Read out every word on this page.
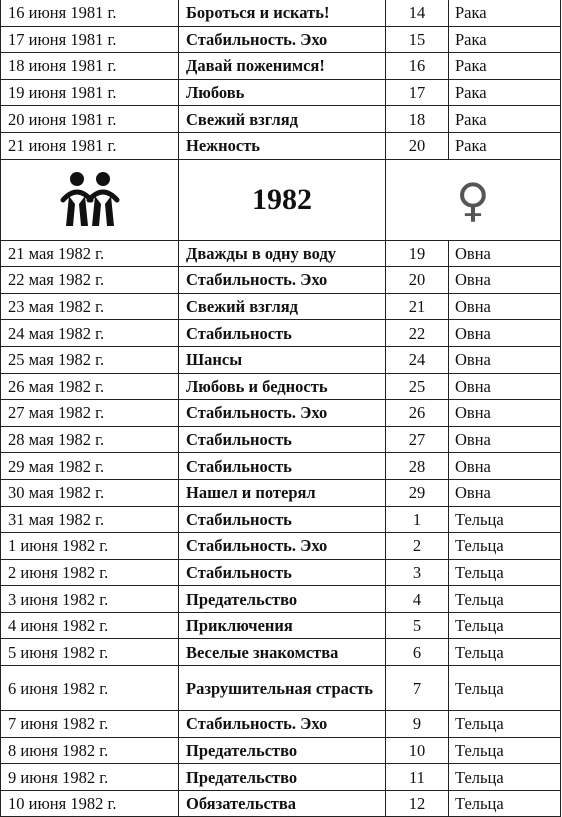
16 июня 1981 г.	Бороться и искать!	14	Рака
17 июня 1981 г.	Стабильность. Эхо	15	Рака
18 июня 1981 г.	Давай поженимся!	16	Рака
19 июня 1981 г.	Любовь	17	Рака
20 июня 1981 г.	Свежий взгляд	18	Рака
21 июня 1981 г.	Нежность	20	Рака

	1982	♀	
21 мая 1982 г.	Дважды в одну воду	19	Овна
22 мая 1982 г.	Стабильность. Эхо	20	Овна
23 мая 1982 г.	Свежий взгляд	21	Овна
24 мая 1982 г.	Стабильность	22	Овна
25 мая 1982 г.	Шансы	24	Овна
26 мая 1982 г.	Любовь и бедность	25	Овна
27 мая 1982 г.	Стабильность. Эхо	26	Овна
28 мая 1982 г.	Стабильность	27	Овна
29 мая 1982 г.	Стабильность	28	Овна
30 мая 1982 г.	Нашел и потерял	29	Овна
31 мая 1982 г.	Стабильность	1	Тельца
1 июня 1982 г.	Стабильность. Эхо	2	Тельца
2 июня 1982 г.	Стабильность	3	Тельца
3 июня 1982 г.	Предательство	4	Тельца
4 июня 1982 г.	Приключения	5	Тельца
5 июня 1982 г.	Веселые знакомства	6	Тельца
6 июня 1982 г.	Разрушительная страсть	7	Тельца
7 июня 1982 г.	Стабильность. Эхо	9	Тельца
8 июня 1982 г.	Предательство	10	Тельца
9 июня 1982 г.	Предательство	11	Тельца
10 июня 1982 г.	Обязательства	12	Тельца
